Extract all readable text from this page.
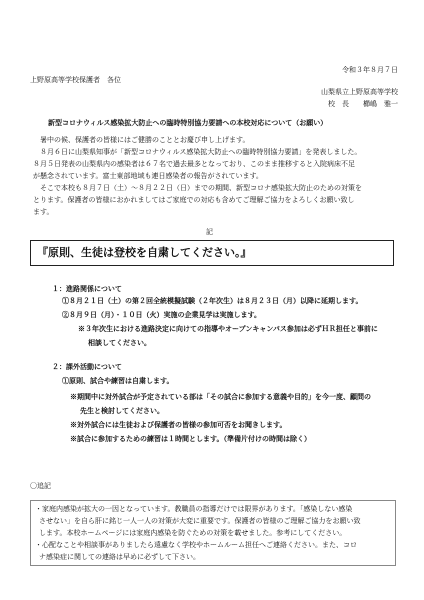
令和３年８月７日
上野原高等学校保護者　各位
山梨県立上野原高等学校
校　長　　櫛嶋　雅一
新型コロナウィルス感染拡大防止への臨時特別協力要請への本校対応について（お願い）
暑中の候、保護者の皆様にはご健勝のこととお慶び申し上げます。
８月６日に山梨県知事が「新型コロナウィルス感染拡大防止への臨時特別協力要請」を発表しました。
８月５日発表の山梨県内の感染者は６７名で過去最多となっており、このまま推移すると入院病床不足
が懸念されています。富士東部地域も連日感染者の報告がされています。
そこで本校も８月７日（土）～８月２２日（日）までの期間、新型コロナ感染拡大防止のための対策を
とります。保護者の皆様におかれましてはご家庭での対応も含めてご理解ご協力をよろしくお願い致し
ます。
記
『原則、生徒は登校を自粛してください。』
１：進路関係について
①８月２１日（土）の第２回全統模擬試験（２年次生）は８月２３日（月）以降に延期します。
②８月９日（月）・１０日（火）実施の企業見学は実施します。
※３年次生における進路決定に向けての指導やオープンキャンパス参加は必ずＨＲ担任と事前に
相談してください。
２：課外活動について
①原則、試合や練習は自粛します。
※期間中に対外試合が予定されている部は「その試合に参加する意義や目的」を今一度、顧問の
先生と検討してください。
※対外試合には生徒および保護者の皆様の参加可否をお聞きします。
※試合に参加するための練習は１時間とします。（準備片付けの時間は除く）
〇追記
・家庭内感染が拡大の一因となっています。教職員の指導だけでは限界があります。「感染しない感染
させない」を自ら肝に銘じ一人一人の対策が大変に重要です。保護者の皆様のご理解ご協力をお願い致
します。本校ホームページには家庭内感染を防ぐための対策を載せました。参考にしてください。
・心配なことや相談事がありましたら遠慮なく学校やホームルーム担任へご連絡ください。また、コロ
ナ感染症に関しての連絡は早めに必ずして下さい。
